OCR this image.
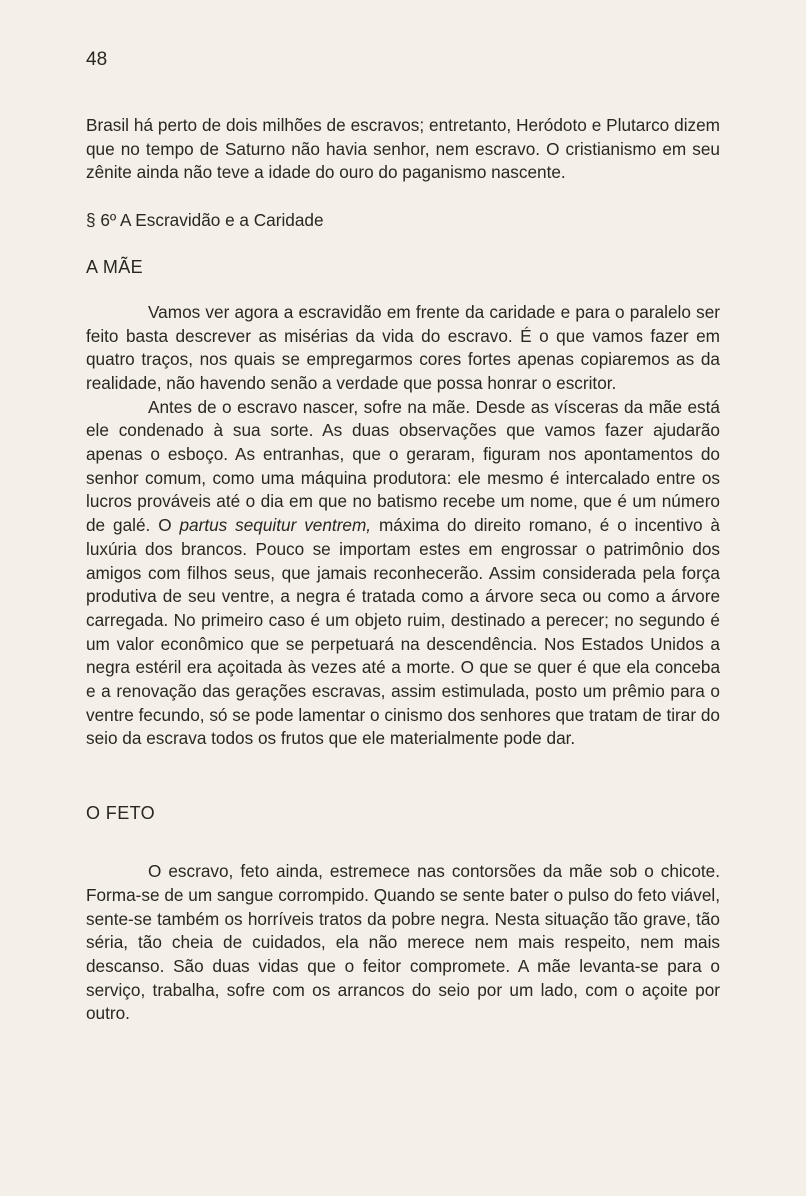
48

Brasil há perto de dois milhões de escravos; entretanto, Heródoto e Plutarco dizem que no tempo de Saturno não havia senhor, nem escravo. O cristianismo em seu zênite ainda não teve a idade do ouro do paganismo nascente.

§ 6º A Escravidão e a Caridade
A MÃE

Vamos ver agora a escravidão em frente da caridade e para o paralelo ser feito basta descrever as misérias da vida do escravo. É o que vamos fazer em quatro traços, nos quais se empregarmos cores fortes apenas copiaremos as da realidade, não havendo senão a verdade que possa honrar o escritor.

Antes de o escravo nascer, sofre na mãe. Desde as vísceras da mãe está ele condenado à sua sorte. As duas observações que vamos fazer ajudarão apenas o esboço. As entranhas, que o geraram, figuram nos apontamentos do senhor comum, como uma máquina produtora: ele mesmo é intercalado entre os lucros prováveis até o dia em que no batismo recebe um nome, que é um número de galé. O partus sequitur ventrem, máxima do direito romano, é o incentivo à luxúria dos brancos. Pouco se importam estes em engrossar o patrimônio dos amigos com filhos seus, que jamais reconhecerão. Assim considerada pela força produtiva de seu ventre, a negra é tratada como a árvore seca ou como a árvore carregada. No primeiro caso é um objeto ruim, destinado a perecer; no segundo é um valor econômico que se perpetuará na descendência. Nos Estados Unidos a negra estéril era açoitada às vezes até a morte. O que se quer é que ela conceba e a renovação das gerações escravas, assim estimulada, posto um prêmio para o ventre fecundo, só se pode lamentar o cinismo dos senhores que tratam de tirar do seio da escrava todos os frutos que ele materialmente pode dar.

O FETO

O escravo, feto ainda, estremece nas contorsões da mãe sob o chicote. Forma-se de um sangue corrompido. Quando se sente bater o pulso do feto viável, sente-se também os horríveis tratos da pobre negra. Nesta situação tão grave, tão séria, tão cheia de cuidados, ela não merece nem mais respeito, nem mais descanso. São duas vidas que o feitor compromete. A mãe levanta-se para o serviço, trabalha, sofre com os arrancos do seio por um lado, com o açoite por outro.
